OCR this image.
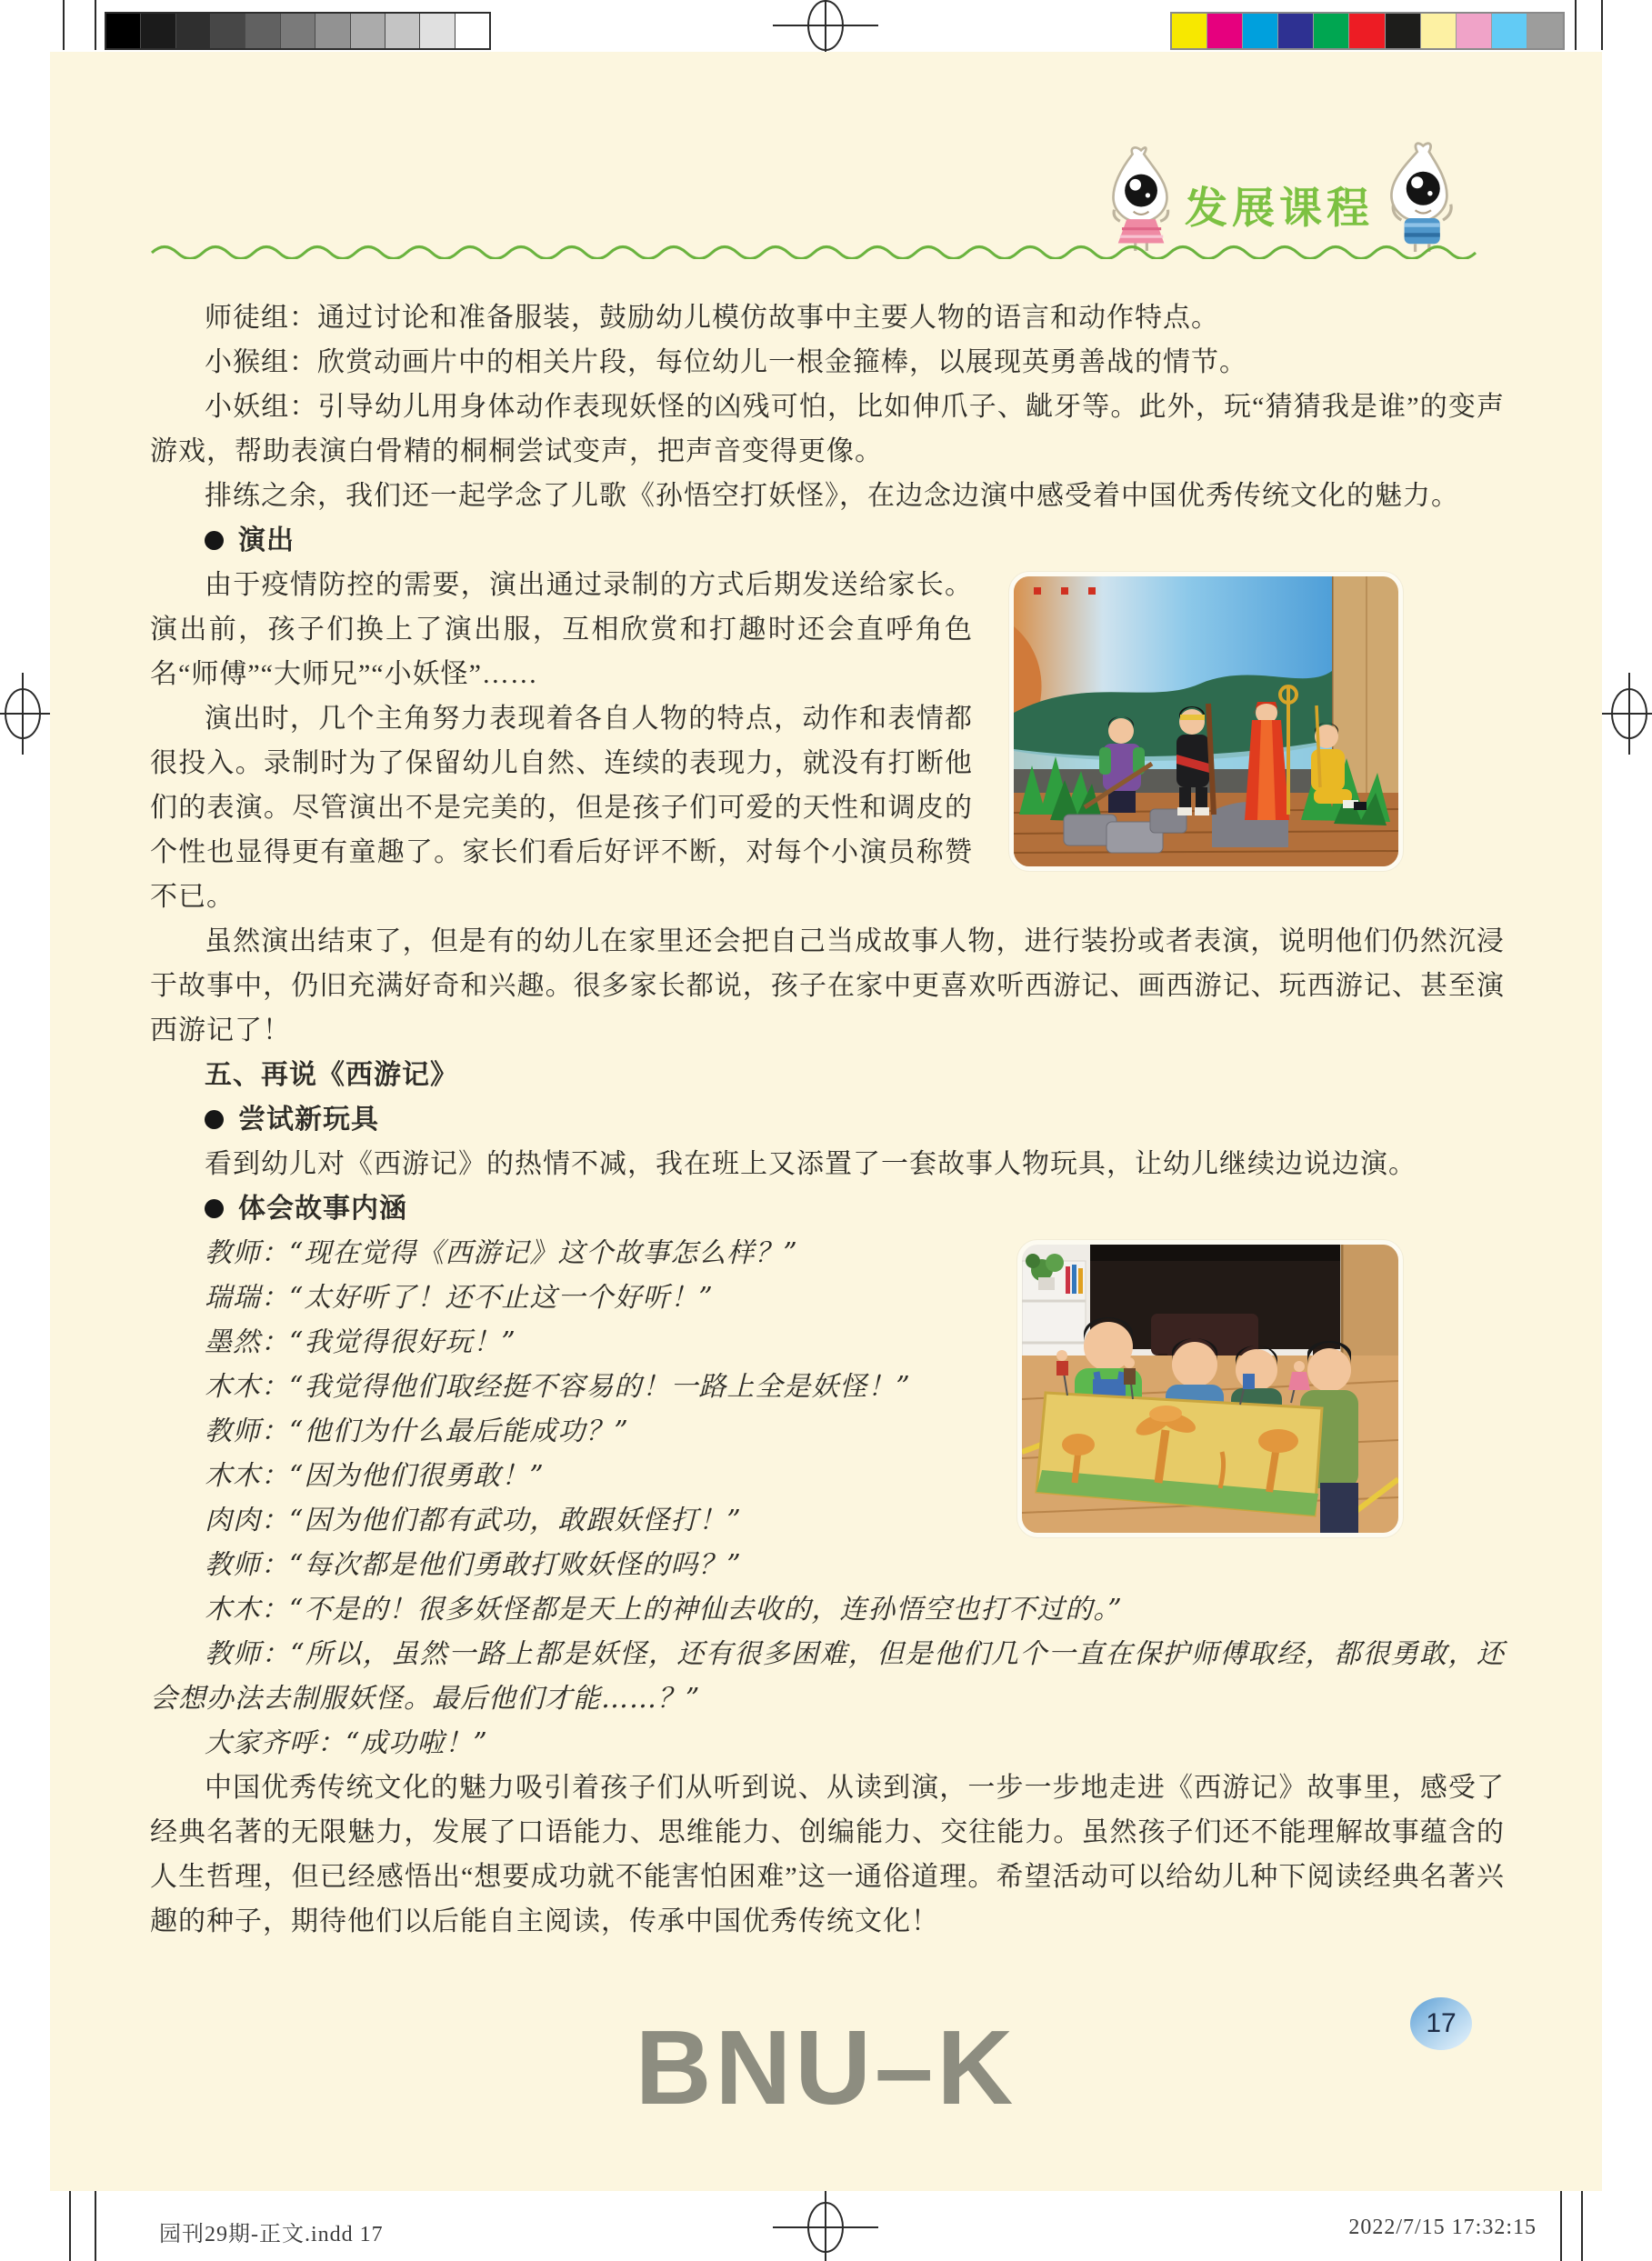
发展课程

师徒组：通过讨论和准备服装，鼓励幼儿模仿故事中主要人物的语言和动作特点。

小猴组：欣赏动画片中的相关片段，每位幼儿一根金箍棒，以展现英勇善战的情节。

小妖组：引导幼儿用身体动作表现妖怪的凶残可怕，比如伸爪子、龇牙等。此外，玩“猜猜我是谁”的变声游戏，帮助表演白骨精的桐桐尝试变声，把声音变得更像。

排练之余，我们还一起学念了儿歌《孙悟空打妖怪》，在边念边演中感受着中国优秀传统文化的魅力。

演出

由于疫情防控的需要，演出通过录制的方式后期发送给家长。演出前，孩子们换上了演出服，互相欣赏和打趣时还会直呼角色名“师傅”“大师兄”“小妖怪”……

演出时，几个主角努力表现着各自人物的特点，动作和表情都很投入。录制时为了保留幼儿自然、连续的表现力，就没有打断他们的表演。尽管演出不是完美的，但是孩子们可爱的天性和调皮的个性也显得更有童趣了。家长们看后好评不断，对每个小演员称赞不已。

虽然演出结束了，但是有的幼儿在家里还会把自己当成故事人物，进行装扮或者表演，说明他们仍然沉浸于故事中，仍旧充满好奇和兴趣。很多家长都说，孩子在家中更喜欢听西游记、画西游记、玩西游记、甚至演西游记了！

五、再说《西游记》

尝试新玩具

看到幼儿对《西游记》的热情不减，我在班上又添置了一套故事人物玩具，让幼儿继续边说边演。

体会故事内涵

教师：“现在觉得《西游记》这个故事怎么样？”

瑞瑞：“太好听了！还不止这一个好听！”

墨然：“我觉得很好玩！”

木木：“我觉得他们取经挺不容易的！一路上全是妖怪！”

教师：“他们为什么最后能成功？”

木木：“因为他们很勇敢！”

肉肉：“因为他们都有武功，敢跟妖怪打！”

教师：“每次都是他们勇敢打败妖怪的吗？”

木木：“不是的！很多妖怪都是天上的神仙去收的，连孙悟空也打不过的。”

教师：“所以，虽然一路上都是妖怪，还有很多困难，但是他们几个一直在保护师傅取经，都很勇敢，还会想办法去制服妖怪。最后他们才能……？”

大家齐呼：“成功啦！”

中国优秀传统文化的魅力吸引着孩子们从听到说、从读到演，一步一步地走进《西游记》故事里，感受了经典名著的无限魅力，发展了口语能力、思维能力、创编能力、交往能力。虽然孩子们还不能理解故事蕴含的人生哲理，但已经感悟出“想要成功就不能害怕困难”这一通俗道理。希望活动可以给幼儿种下阅读经典名著兴趣的种子，期待他们以后能自主阅读，传承中国优秀传统文化！

BNU–K	17
园刊29期-正文.indd 17	2022/7/15 17:32:15
